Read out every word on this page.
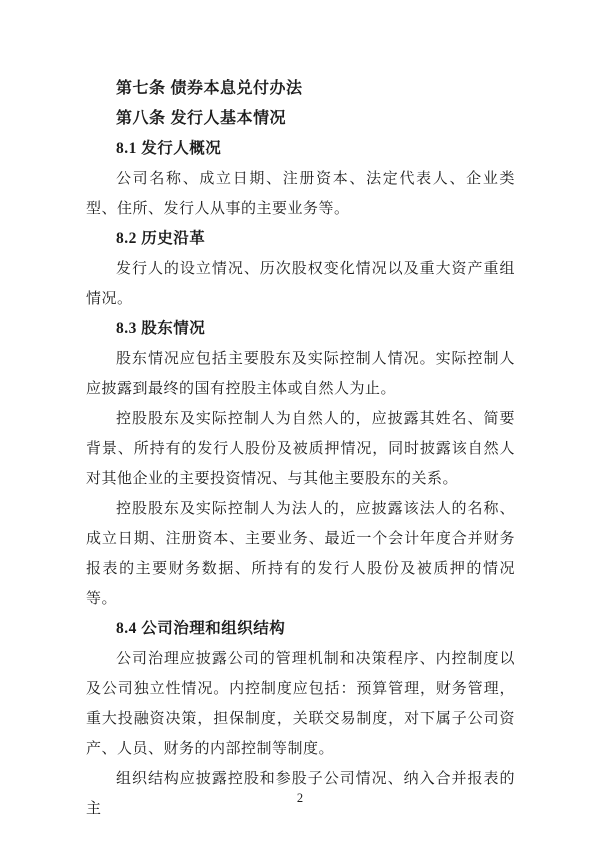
第七条 债券本息兑付办法
第八条 发行人基本情况
8.1 发行人概况
公司名称、成立日期、注册资本、法定代表人、企业类型、住所、发行人从事的主要业务等。
8.2 历史沿革
发行人的设立情况、历次股权变化情况以及重大资产重组情况。
8.3 股东情况
股东情况应包括主要股东及实际控制人情况。实际控制人应披露到最终的国有控股主体或自然人为止。
控股股东及实际控制人为自然人的，应披露其姓名、简要背景、所持有的发行人股份及被质押情况，同时披露该自然人对其他企业的主要投资情况、与其他主要股东的关系。
控股股东及实际控制人为法人的，应披露该法人的名称、成立日期、注册资本、主要业务、最近一个会计年度合并财务报表的主要财务数据、所持有的发行人股份及被质押的情况等。
8.4 公司治理和组织结构
公司治理应披露公司的管理机制和决策程序、内控制度以及公司独立性情况。内控制度应包括：预算管理，财务管理，重大投融资决策，担保制度，关联交易制度，对下属子公司资产、人员、财务的内部控制等制度。
组织结构应披露控股和参股子公司情况、纳入合并报表的主
2
